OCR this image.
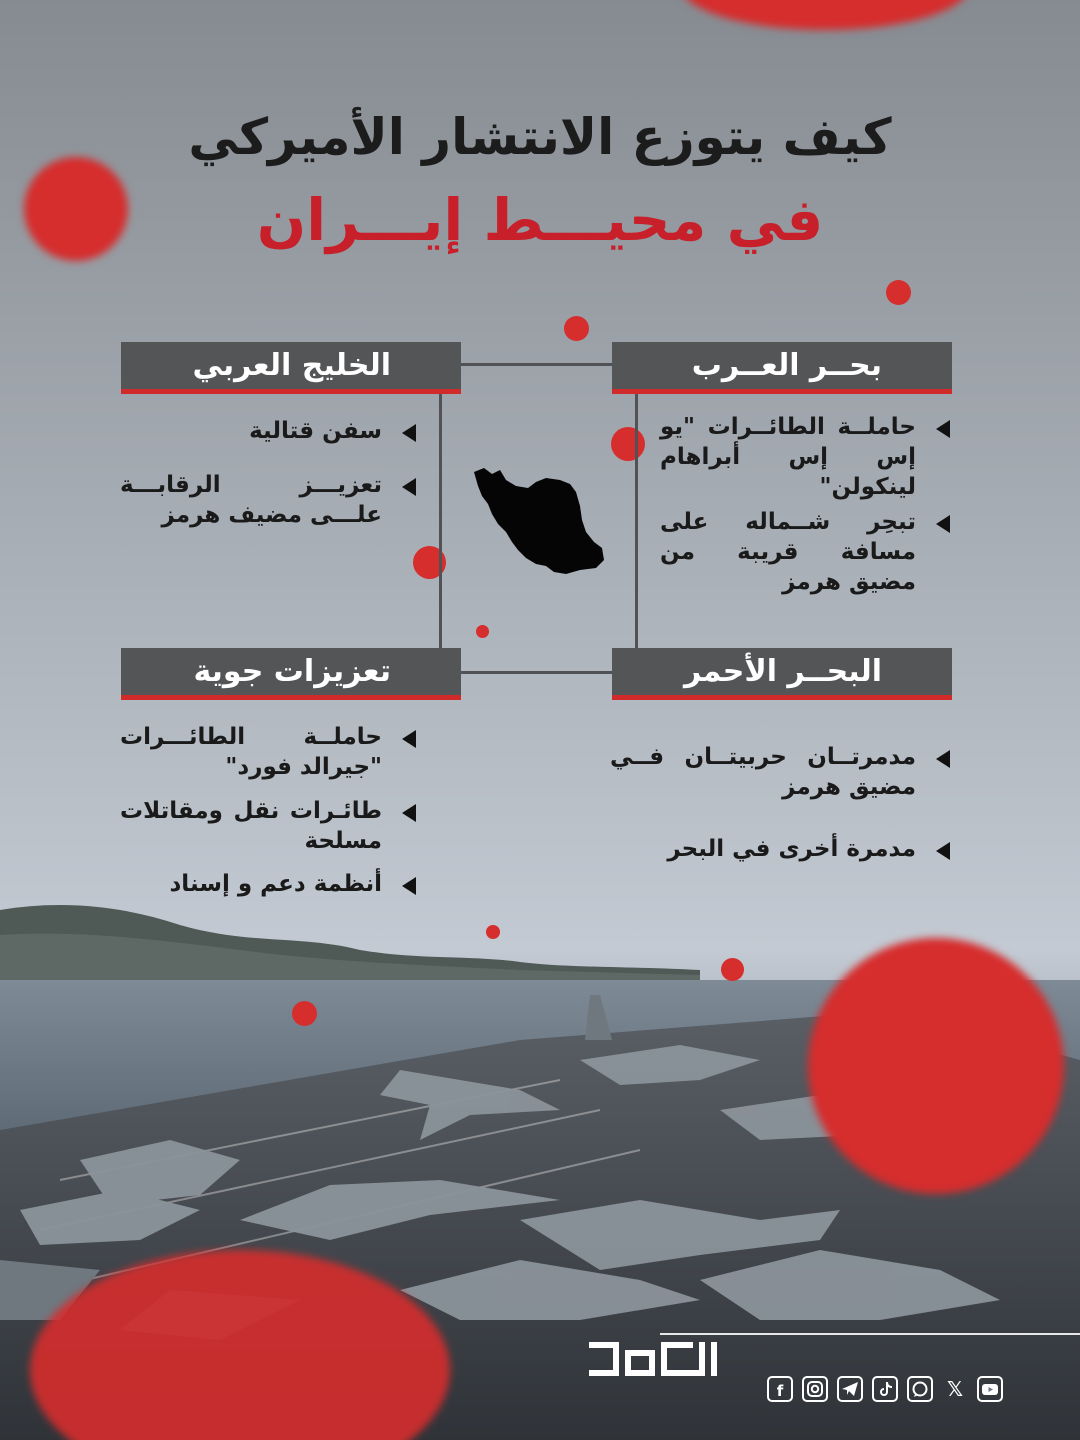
كيف يتوزع الانتشار الأميركي
في محيـــط إيـــران
بحــر العــرب
الخليج العربي
البحــر الأحمر
تعزيزات جوية
حاملــة الطائــرات "يو إس إس أبراهام لينكولن"
تبحِر شــماله على مسافة قريبة من مضيق هرمز
سفن قتالية
تعزيـــز الرقابـــة علـــى مضيف هرمز
مدمرتــان حربيتــان فــي مضيق هرمز
مدمرة أخرى في البحر
حاملــة الطائـــرات "جيرالد فورد"
طائـرات نقل ومقاتلات مسلحة
أنظمة دعم و إسناد
f	𝕏
